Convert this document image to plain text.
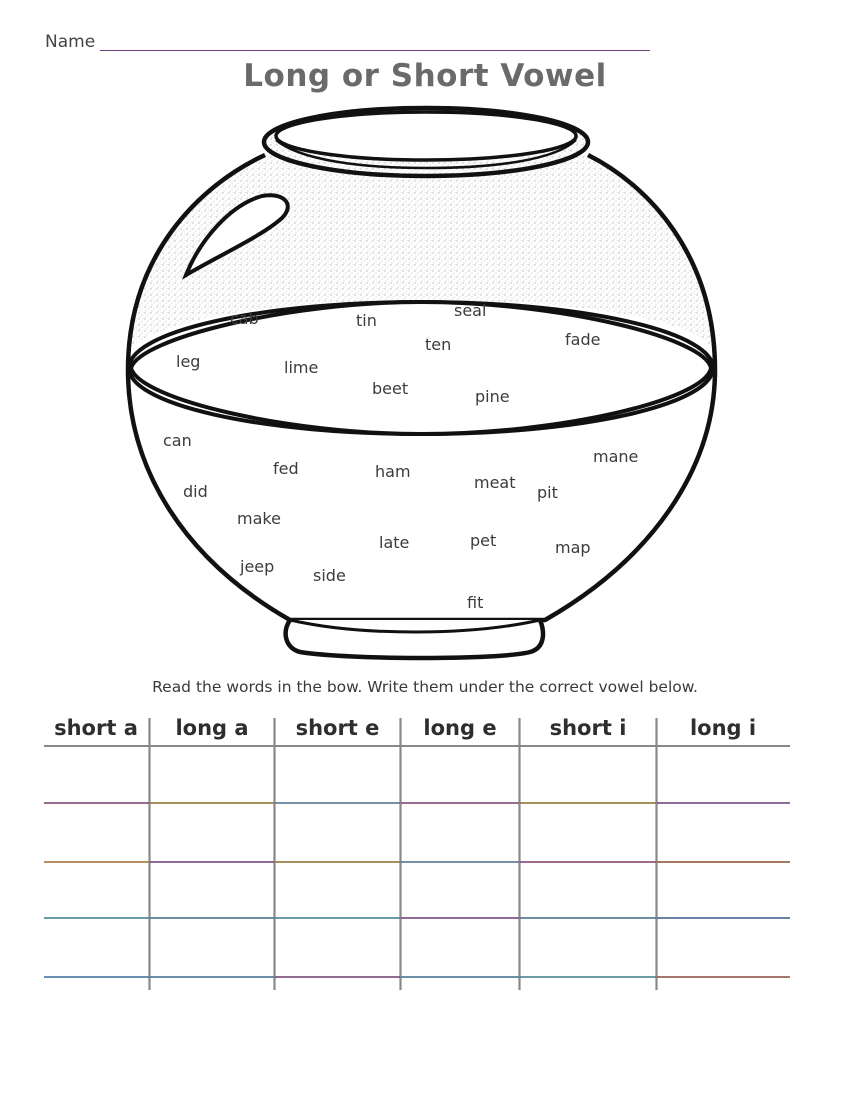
Name
Long or Short Vowel
cab	tin
seal
fade
ten
leg	lime
beet	pine
can
fed	ham
meat
mane
did	pit
make
late	pet	map
jeep side
fit
Read the words in the bow. Write them under the correct vowel below.
short a	long a	short e	long e	short i	long i
